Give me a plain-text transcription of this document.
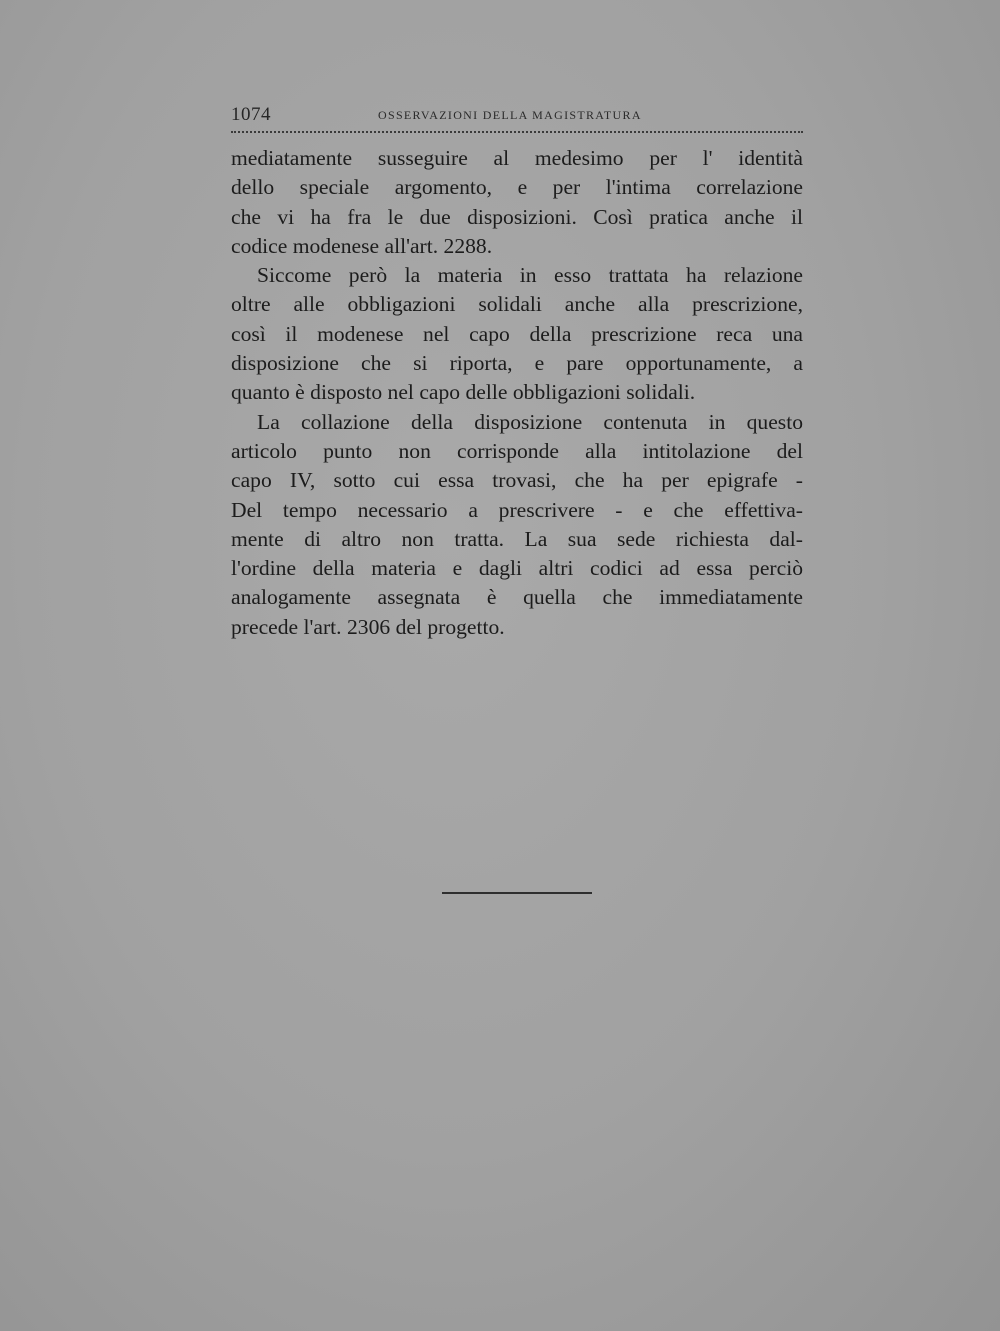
1074	OSSERVAZIONI DELLA MAGISTRATURA
mediatamente susseguire al medesimo per l' identità
dello speciale argomento, e per l'intima correlazione
che vi ha fra le due disposizioni. Così pratica anche il
codice modenese all'art. 2288.
Siccome però la materia in esso trattata ha relazione
oltre alle obbligazioni solidali anche alla prescrizione,
così il modenese nel capo della prescrizione reca una
disposizione che si riporta, e pare opportunamente, a
quanto è disposto nel capo delle obbligazioni solidali.
La collazione della disposizione contenuta in questo
articolo punto non corrisponde alla intitolazione del
capo IV, sotto cui essa trovasi, che ha per epigrafe -
Del tempo necessario a prescrivere - e che effettiva-
mente di altro non tratta. La sua sede richiesta dal-
l'ordine della materia e dagli altri codici ad essa perciò
analogamente assegnata è quella che immediatamente
precede l'art. 2306 del progetto.
